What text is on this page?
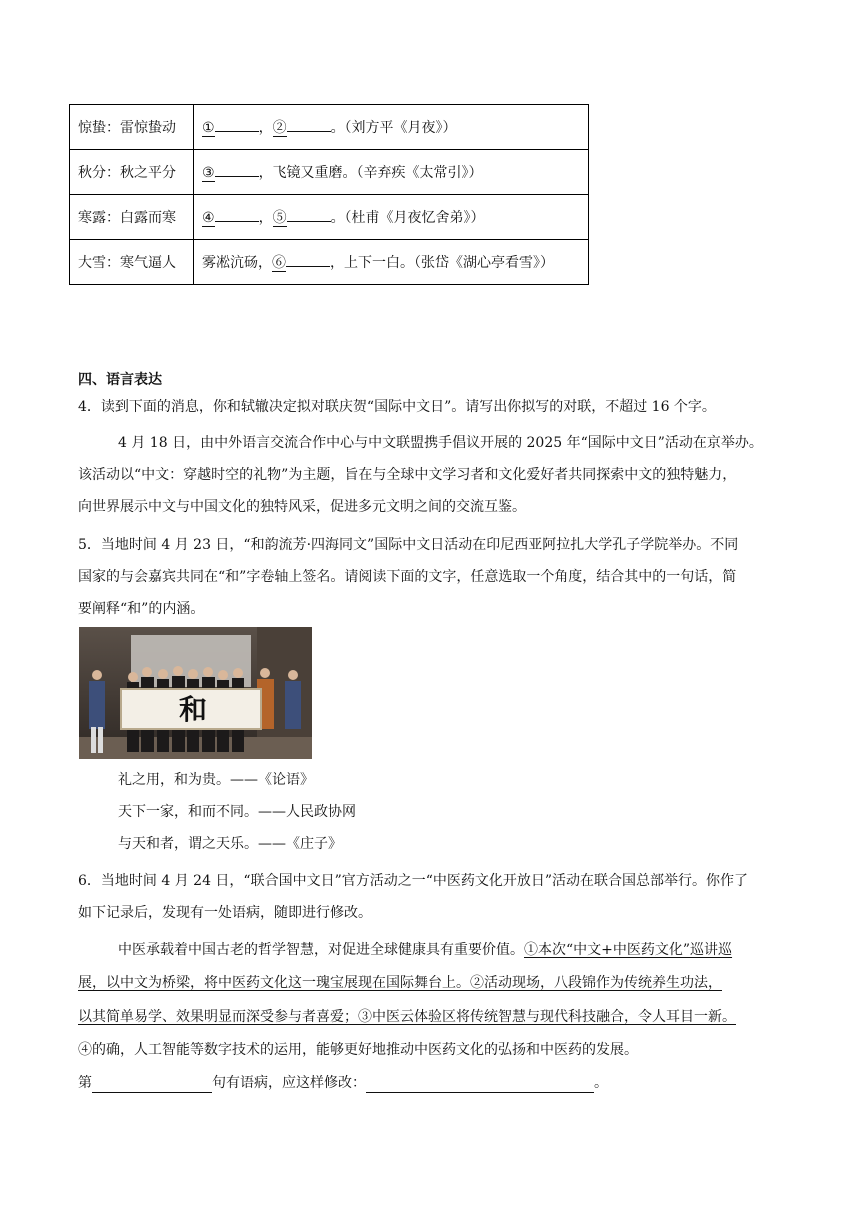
惊蛰：雷惊蛰动	① ，② 。（刘方平《月夜》）
秋分：秋之平分	③ ，飞镜又重磨。（辛弃疾《太常引》）
寒露：白露而寒	④ ，⑤ 。（杜甫《月夜忆舍弟》）
大雪：寒气逼人	雾凇沆砀，⑥ ，上下一白。（张岱《湖心亭看雪》）
四、语言表达
4．读到下面的消息，你和轼辙决定拟对联庆贺“国际中文日”。请写出你拟写的对联，不超过 16 个字。
4 月 18 日，由中外语言交流合作中心与中文联盟携手倡议开展的 2025 年“国际中文日”活动在京举办。
该活动以“中文：穿越时空的礼物”为主题，旨在与全球中文学习者和文化爱好者共同探索中文的独特魅力，
向世界展示中文与中国文化的独特风采，促进多元文明之间的交流互鉴。
5．当地时间 4 月 23 日，“和韵流芳·四海同文”国际中文日活动在印尼西亚阿拉扎大学孔子学院举办。不同
国家的与会嘉宾共同在“和”字卷轴上签名。请阅读下面的文字，任意选取一个角度，结合其中的一句话，简
要阐释“和”的内涵。
和
礼之用，和为贵。——《论语》
天下一家，和而不同。——人民政协网
与天和者，谓之天乐。——《庄子》
6．当地时间 4 月 24 日，“联合国中文日”官方活动之一“中医药文化开放日”活动在联合国总部举行。你作了
如下记录后，发现有一处语病，随即进行修改。
中医承载着中国古老的哲学智慧，对促进全球健康具有重要价值。①本次“中文+中医药文化”巡讲巡
展，以中文为桥梁，将中医药文化这一瑰宝展现在国际舞台上。②活动现场，八段锦作为传统养生功法，
以其简单易学、效果明显而深受参与者喜爱；③中医云体验区将传统智慧与现代科技融合，令人耳目一新。
④的确，人工智能等数字技术的运用，能够更好地推动中医药文化的弘扬和中医药的发展。
第	句有语病，应这样修改：	。
